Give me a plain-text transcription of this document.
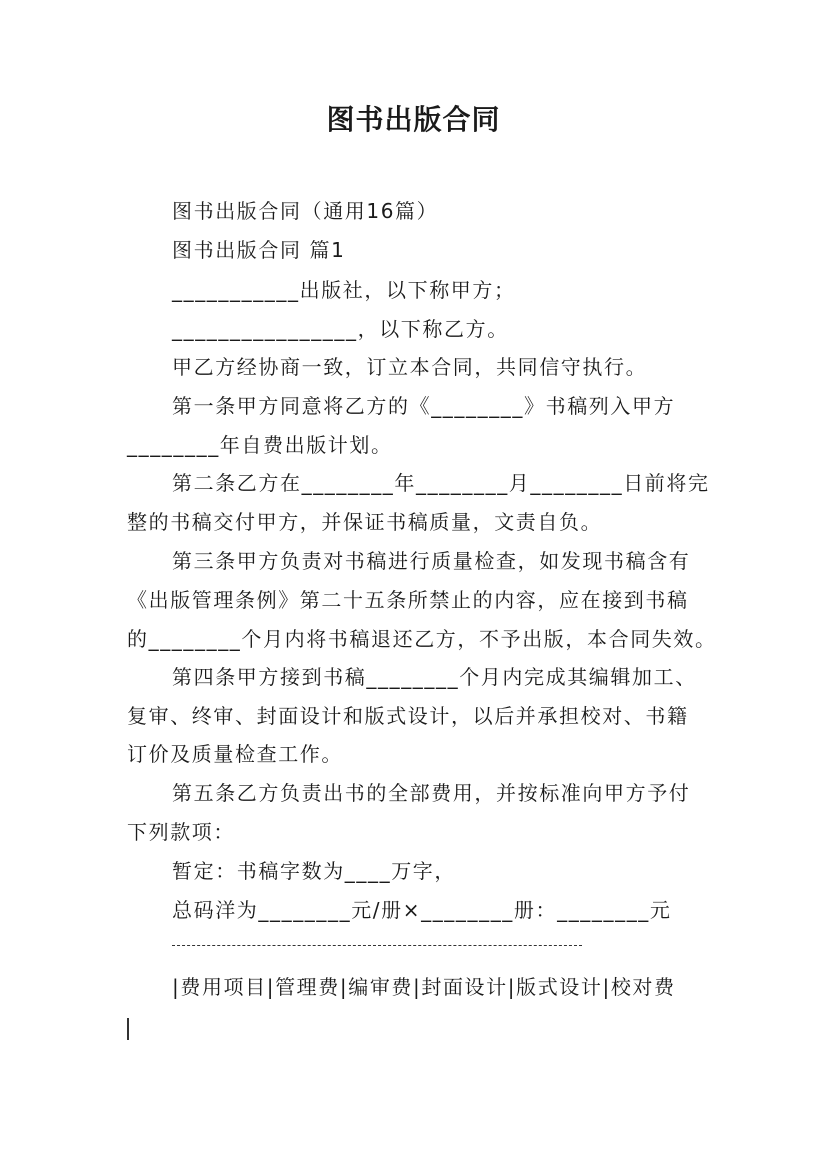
图书出版合同
图书出版合同（通用16篇）
图书出版合同 篇1
___________出版社，以下称甲方；
________________，以下称乙方。
甲乙方经协商一致，订立本合同，共同信守执行。
第一条甲方同意将乙方的《________》书稿列入甲方
________年自费出版计划。
第二条乙方在________年________月________日前将完
整的书稿交付甲方，并保证书稿质量，文责自负。
第三条甲方负责对书稿进行质量检查，如发现书稿含有
《出版管理条例》第二十五条所禁止的内容，应在接到书稿
的________个月内将书稿退还乙方，不予出版，本合同失效。
第四条甲方接到书稿________个月内完成其编辑加工、
复审、终审、封面设计和版式设计，以后并承担校对、书籍
订价及质量检查工作。
第五条乙方负责出书的全部费用，并按标准向甲方予付
下列款项：
暂定：书稿字数为____万字，
总码洋为________元/册×________册：________元
|费用项目|管理费|编审费|封面设计|版式设计|校对费
